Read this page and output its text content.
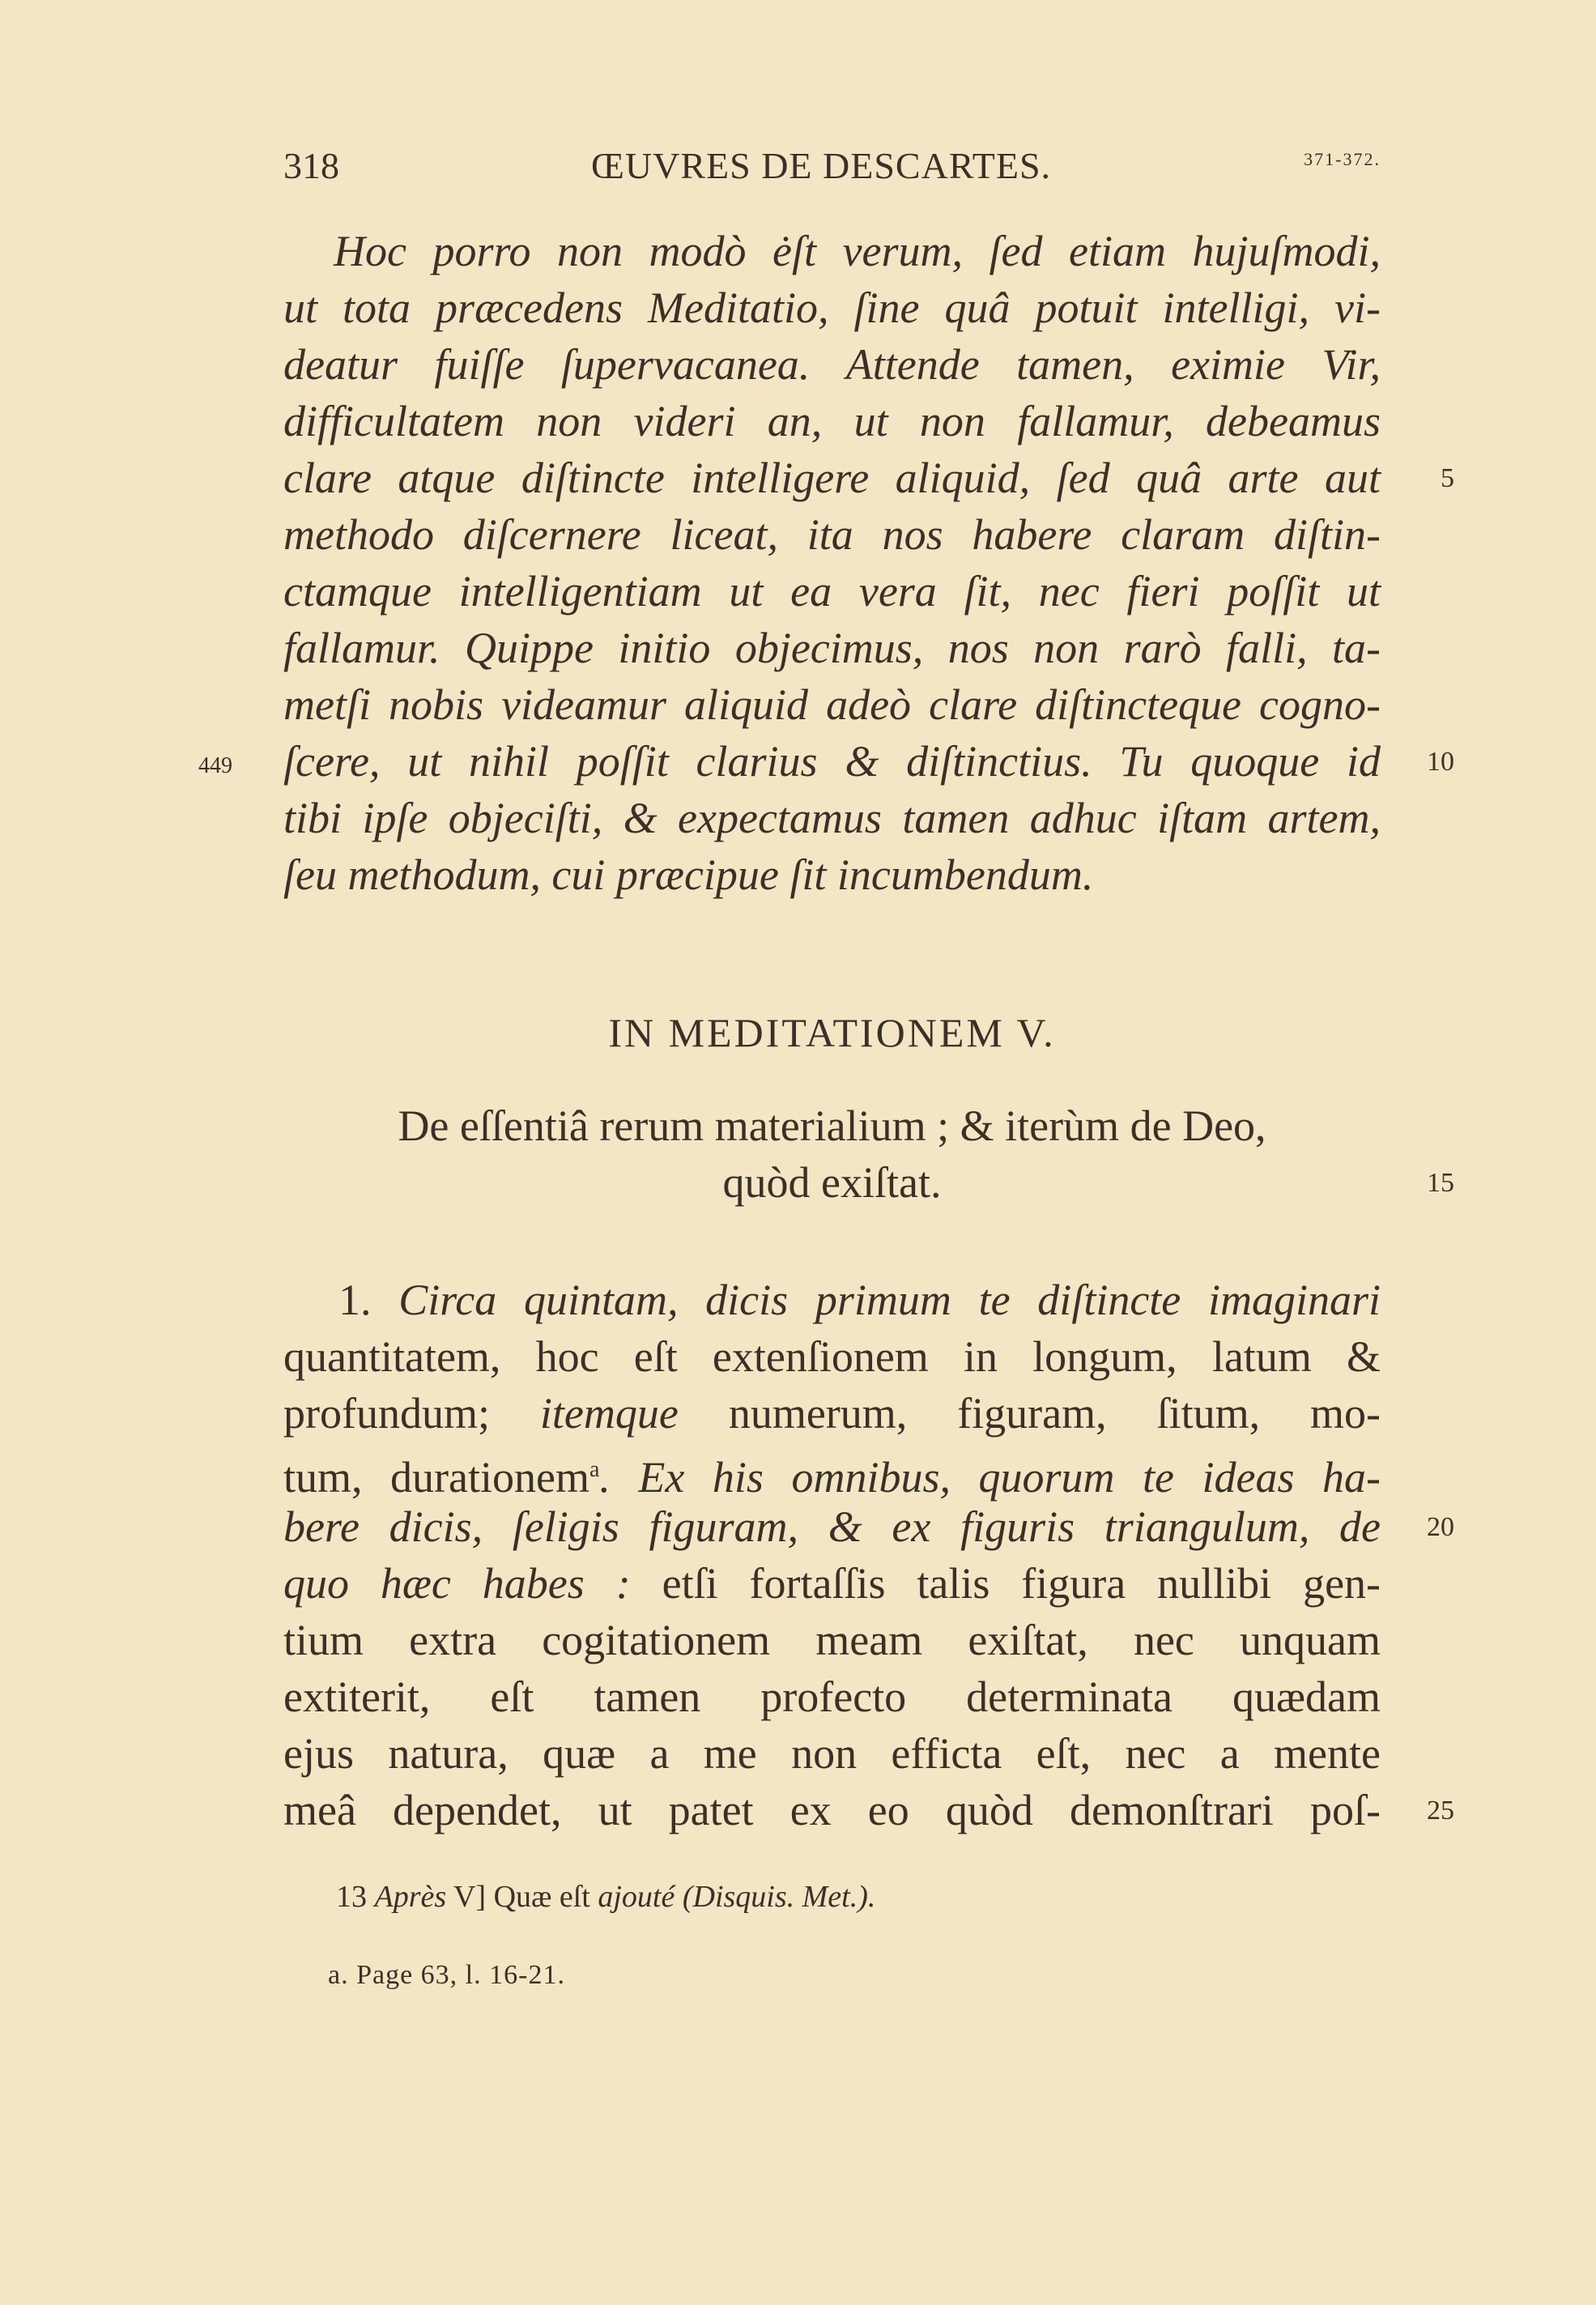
318	ŒUVRES DE DESCARTES.	371-372.
Hoc porro non modò ėſt verum, ſed etiam hujuſmodi,
ut tota præcedens Meditatio, ſine quâ potuit intelligi, vi-
deatur fuiſſe ſupervacanea. Attende tamen, eximie Vir,
difficultatem non videri an, ut non fallamur, debeamus
clare atque diſtincte intelligere aliquid, ſed quâ arte aut
methodo diſcernere liceat, ita nos habere claram diſtin-
ctamque intelligentiam ut ea vera ſit, nec fieri poſſit ut
fallamur. Quippe initio objecimus, nos non rarò falli, ta-
metſi nobis videamur aliquid adeò clare diſtincteque cogno-
ſcere, ut nihil poſſit clarius & diſtinctius. Tu quoque id
tibi ipſe objeciſti, & expectamus tamen adhuc iſtam artem,
ſeu methodum, cui præcipue ſit incumbendum.
IN MEDITATIONEM V.
De eſſentiâ rerum materialium ; & iterùm de Deo,
quòd exiſtat.
1. Circa quintam, dicis primum te diſtincte imaginari
quantitatem, hoc eſt extenſionem in longum, latum &
profundum; itemque numerum, figuram, ſitum, mo-
tum, durationem$^a$. Ex his omnibus, quorum te ideas ha-
bere dicis, ſeligis figuram, & ex figuris triangulum, de
quo hæc habes : etſi fortaſſis talis figura nullibi gen-
tium extra cogitationem meam exiſtat, nec unquam
extiterit, eſt tamen profecto determinata quædam
ejus natura, quæ a me non efficta eſt, nec a mente
meâ dependet, ut patet ex eo quòd demonſtrari poſ-
5
10
15
20
25
449
13 Après V] Quæ eſt ajouté (Disquis. Met.).
a. Page 63, l. 16-21.
